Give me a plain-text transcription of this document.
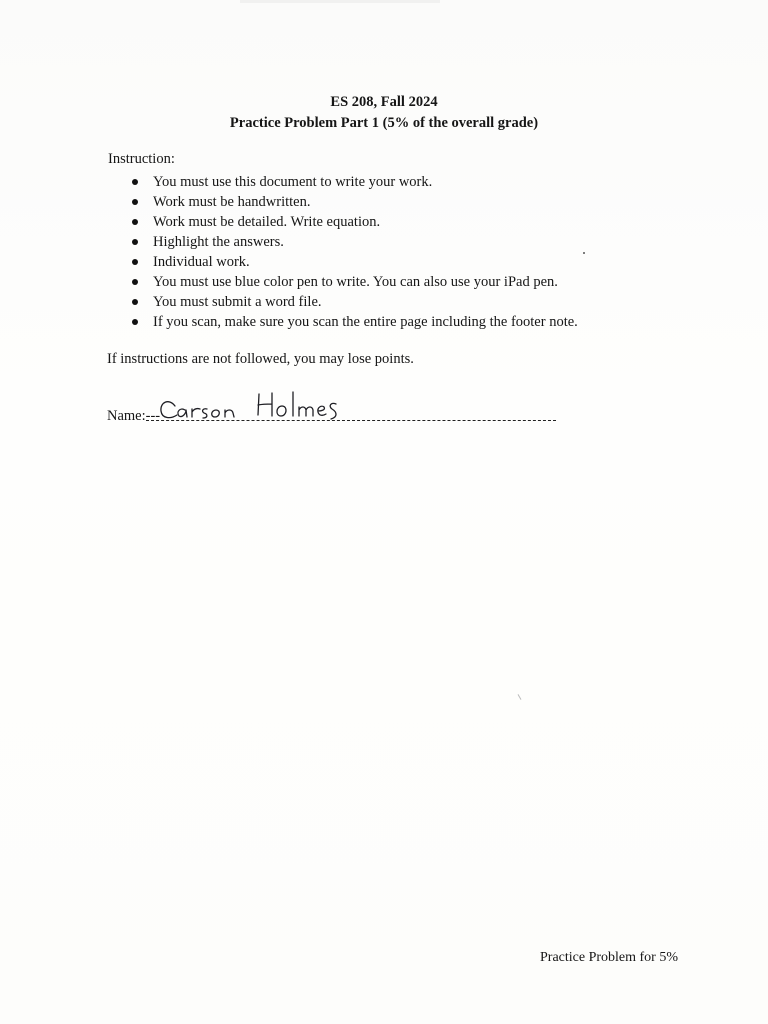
ES 208, Fall 2024
Practice Problem Part 1 (5% of the overall grade)
Instruction:
You must use this document to write your work.
Work must be handwritten.
Work must be detailed. Write equation.
Highlight the answers.
Individual work.
You must use blue color pen to write. You can also use your iPad pen.
You must submit a word file.
If you scan, make sure you scan the entire page including the footer note.
If instructions are not followed, you may lose points.
Name:---
Practice Problem for 5%
